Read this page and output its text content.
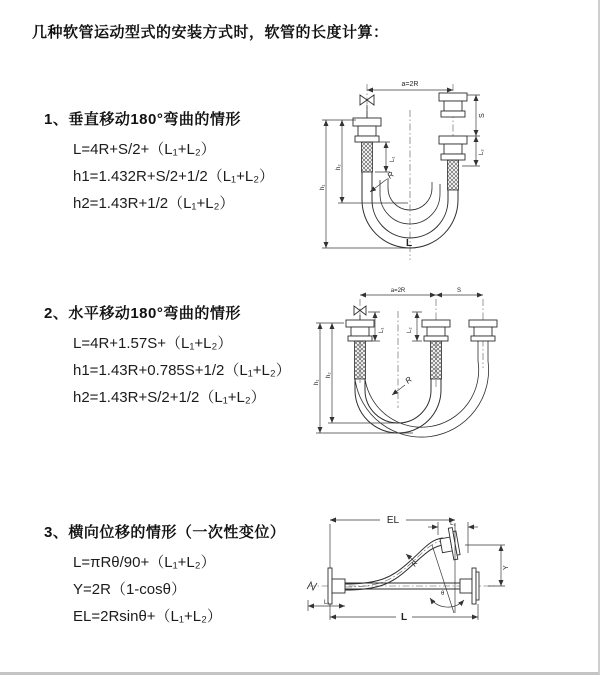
几种软管运动型式的安装方式时，软管的长度计算：
1、垂直移动180°弯曲的情形
L=4R+S/2+（L₁+L₂）
h1=1.432R+S/2+1/2（L₁+L₂）
h2=1.43R+1/2（L₁+L₂）
2、水平移动180°弯曲的情形
L=4R+1.57S+（L₁+L₂）
h1=1.43R+0.785S+1/2（L₁+L₂）
h2=1.43R+S/2+1/2（L₁+L₂）
3、横向位移的情形（一次性变位）
L=πRθ/90+（L₁+L₂）
Y=2R（1-cosθ）
EL=2Rsinθ+（L₁+L₂）
a=2R
S
L₂
L₁
h₁
h₂
R
L
a=2R	S
L₁	L₂
h₁
h₂	R
EL	L₂
Y
R
θ
L₁
L
